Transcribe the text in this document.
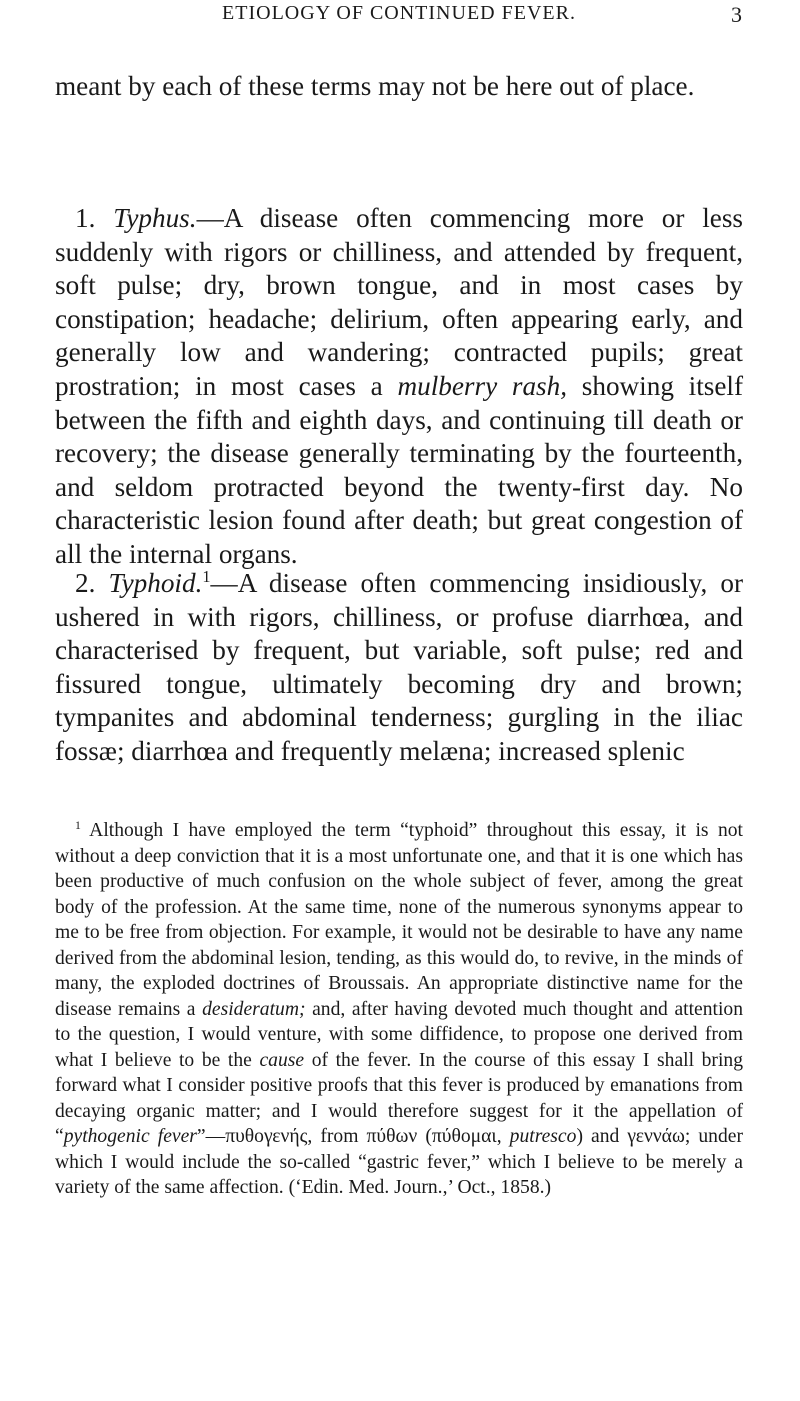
ETIOLOGY OF CONTINUED FEVER.	3

meant by each of these terms may not be here out of place.

1. Typhus.—A disease often commencing more or less suddenly with rigors or chilliness, and attended by frequent, soft pulse; dry, brown tongue, and in most cases by constipation; headache; delirium, often appearing early, and generally low and wandering; contracted pupils; great prostration; in most cases a mulberry rash, showing itself between the fifth and eighth days, and continuing till death or recovery; the disease generally terminating by the fourteenth, and seldom protracted beyond the twenty-first day. No characteristic lesion found after death; but great congestion of all the internal organs.

2. Typhoid.$^1$—A disease often commencing insidiously, or ushered in with rigors, chilliness, or profuse diarrhœa, and characterised by frequent, but variable, soft pulse; red and fissured tongue, ultimately becoming dry and brown; tympanites and abdominal tenderness; gurgling in the iliac fossæ; diarrhœa and frequently melæna; increased splenic

$^1$ Although I have employed the term “typhoid” throughout this essay, it is not without a deep conviction that it is a most unfortunate one, and that it is one which has been productive of much confusion on the whole subject of fever, among the great body of the profession. At the same time, none of the numerous synonyms appear to me to be free from objection. For example, it would not be desirable to have any name derived from the abdominal lesion, tending, as this would do, to revive, in the minds of many, the exploded doctrines of Broussais. An appropriate distinctive name for the disease remains a desideratum; and, after having devoted much thought and attention to the question, I would venture, with some diffidence, to propose one derived from what I believe to be the cause of the fever. In the course of this essay I shall bring forward what I consider positive proofs that this fever is produced by emanations from decaying organic matter; and I would therefore suggest for it the appellation of “pythogenic fever”—πυθογενής, from πύθων (πύθομαι, putresco) and γεννάω; under which I would include the so-called “gastric fever,” which I believe to be merely a variety of the same affection. (‘Edin. Med. Journ.,’ Oct., 1858.)
